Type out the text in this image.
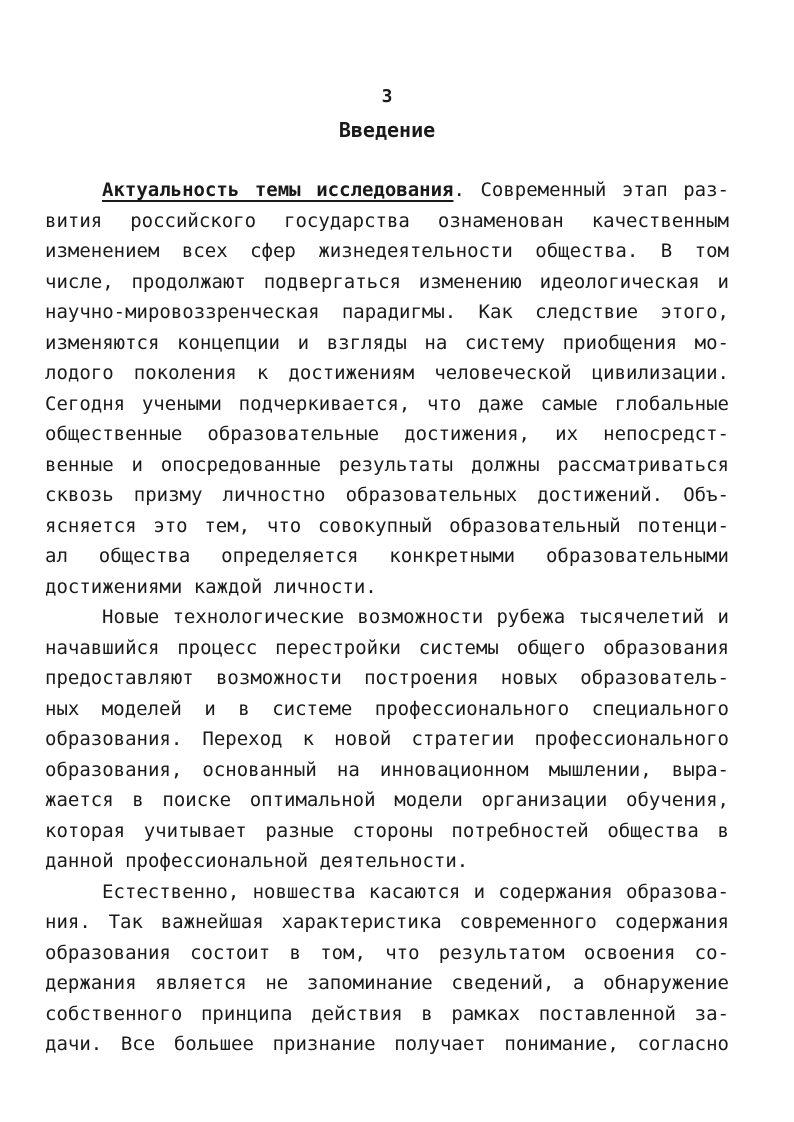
3
Введение
Актуальность темы исследования. Современный этап раз-
вития российского государства ознаменован качественным
изменением всех сфер жизнедеятельности общества. В том
числе, продолжают подвергаться изменению идеологическая и
научно-мировоззренческая парадигмы. Как следствие этого,
изменяются концепции и взгляды на систему приобщения мо-
лодого поколения к достижениям человеческой цивилизации.
Сегодня учеными подчеркивается, что даже самые глобальные
общественные образовательные достижения, их непосредст-
венные и опосредованные результаты должны рассматриваться
сквозь призму личностно образовательных достижений. Объ-
ясняется это тем, что совокупный образовательный потенци-
ал общества определяется конкретными образовательными
достижениями каждой личности.
Новые технологические возможности рубежа тысячелетий и
начавшийся процесс перестройки системы общего образования
предоставляют возможности построения новых образователь-
ных моделей и в системе профессионального специального
образования. Переход к новой стратегии профессионального
образования, основанный на инновационном мышлении, выра-
жается в поиске оптимальной модели организации обучения,
которая учитывает разные стороны потребностей общества в
данной профессиональной деятельности.
Естественно, новшества касаются и содержания образова-
ния. Так важнейшая характеристика современного содержания
образования состоит в том, что результатом освоения со-
держания является не запоминание сведений, а обнаружение
собственного принципа действия в рамках поставленной за-
дачи. Все большее признание получает понимание, согласно
